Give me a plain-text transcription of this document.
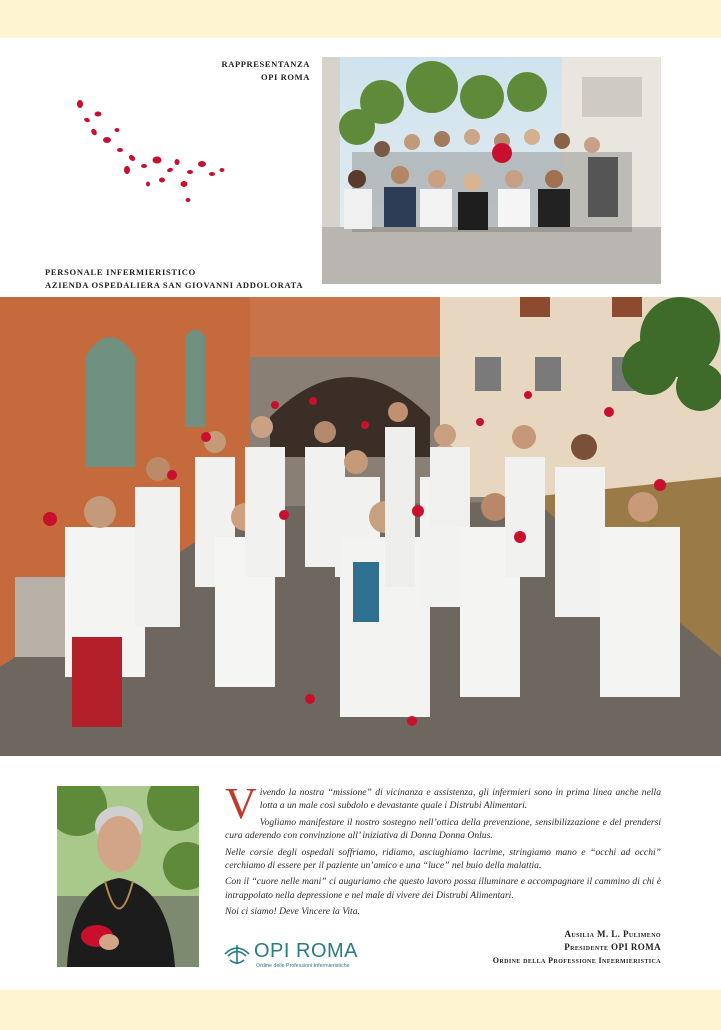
RAPPRESENTANZA
OPI ROMA
PERSONALE INFERMIERISTICO
AZIENDA OSPEDALIERA SAN GIOVANNI ADDOLORATA

Vivendo la nostra “missione” di vicinanza e assistenza, gli infermieri sono in prima linea anche nella lotta a un male così subdolo e devastante quale i Distrubi Alimentari.

Vogliamo manifestare il nostro sostegno nell’ottica della prevenzione, sensibilizzazione e del prendersi cura aderendo con convinzione all’ iniziativa di Donna Donna Onlus.

Nelle corsie degli ospedali soffriamo, ridiamo, asciughiamo lacrime, stringiamo mano e “occhi ad occhi” cerchiamo di essere per il paziente un’amico e una “luce” nel buio della malattia.

Con il “cuore nelle mani” ci auguriamo che questo lavoro possa illuminare e accompagnare il cammino di chi è intrappolato nella depressione e nel male di vivere dei Distrubi Alimentari.

Noi ci siamo! Deve Vincere la Vita.

OPI ROMA
Ordine delle Professioni Infermieristiche
Ausilia M. L. Pulimeno
Presidente OPI ROMA
Ordine della Professione Infermieristica
